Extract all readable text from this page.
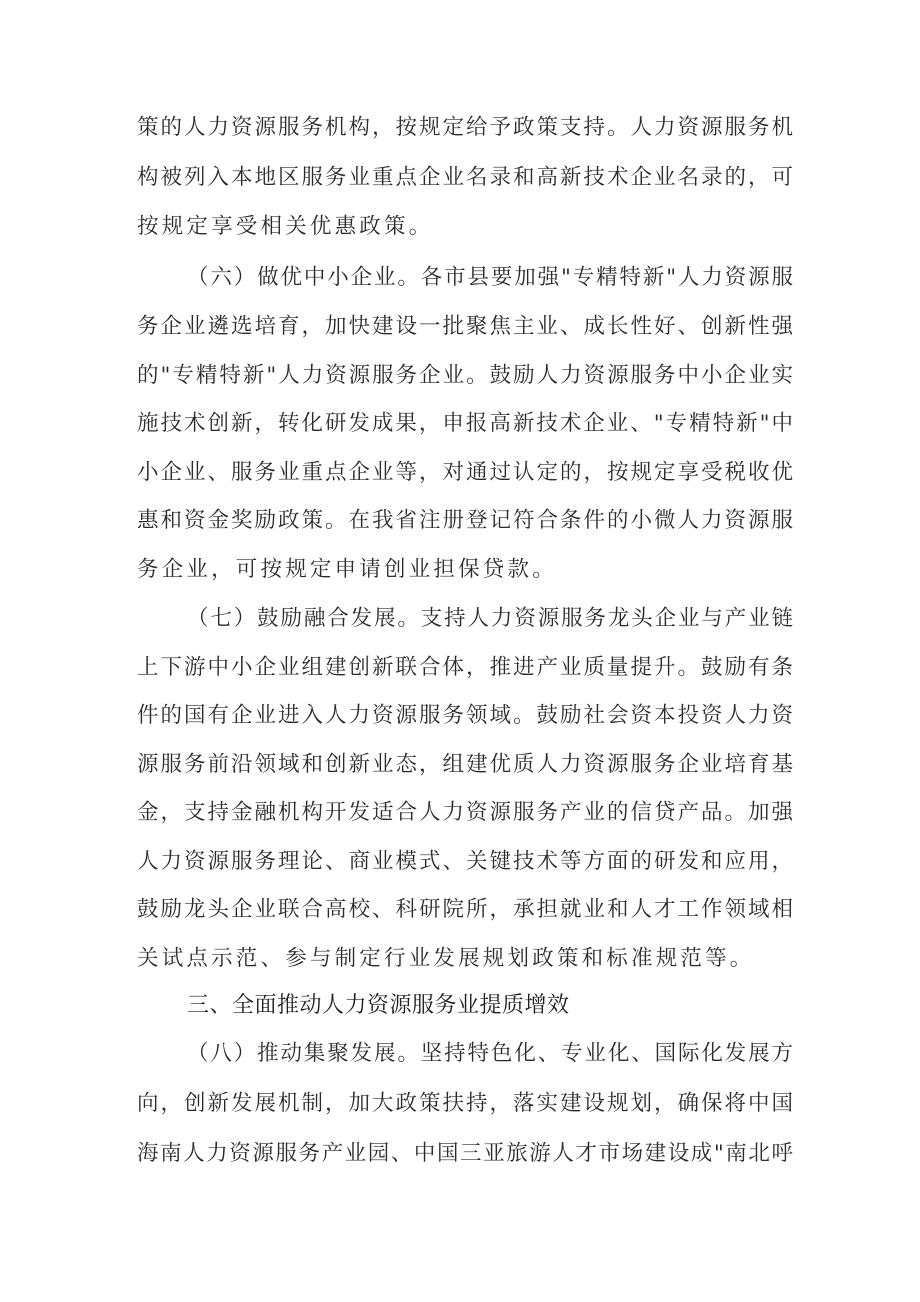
策的人力资源服务机构，按规定给予政策支持。人力资源服务机
构被列入本地区服务业重点企业名录和高新技术企业名录的，可
按规定享受相关优惠政策。
（六）做优中小企业。各市县要加强"专精特新"人力资源服
务企业遴选培育，加快建设一批聚焦主业、成长性好、创新性强
的"专精特新"人力资源服务企业。鼓励人力资源服务中小企业实
施技术创新，转化研发成果，申报高新技术企业、"专精特新"中
小企业、服务业重点企业等，对通过认定的，按规定享受税收优
惠和资金奖励政策。在我省注册登记符合条件的小微人力资源服
务企业，可按规定申请创业担保贷款。
（七）鼓励融合发展。支持人力资源服务龙头企业与产业链
上下游中小企业组建创新联合体，推进产业质量提升。鼓励有条
件的国有企业进入人力资源服务领域。鼓励社会资本投资人力资
源服务前沿领域和创新业态，组建优质人力资源服务企业培育基
金，支持金融机构开发适合人力资源服务产业的信贷产品。加强
人力资源服务理论、商业模式、关键技术等方面的研发和应用，
鼓励龙头企业联合高校、科研院所，承担就业和人才工作领域相
关试点示范、参与制定行业发展规划政策和标准规范等。
三、全面推动人力资源服务业提质增效
（八）推动集聚发展。坚持特色化、专业化、国际化发展方
向，创新发展机制，加大政策扶持，落实建设规划，确保将中国
海南人力资源服务产业园、中国三亚旅游人才市场建设成"南北呼
